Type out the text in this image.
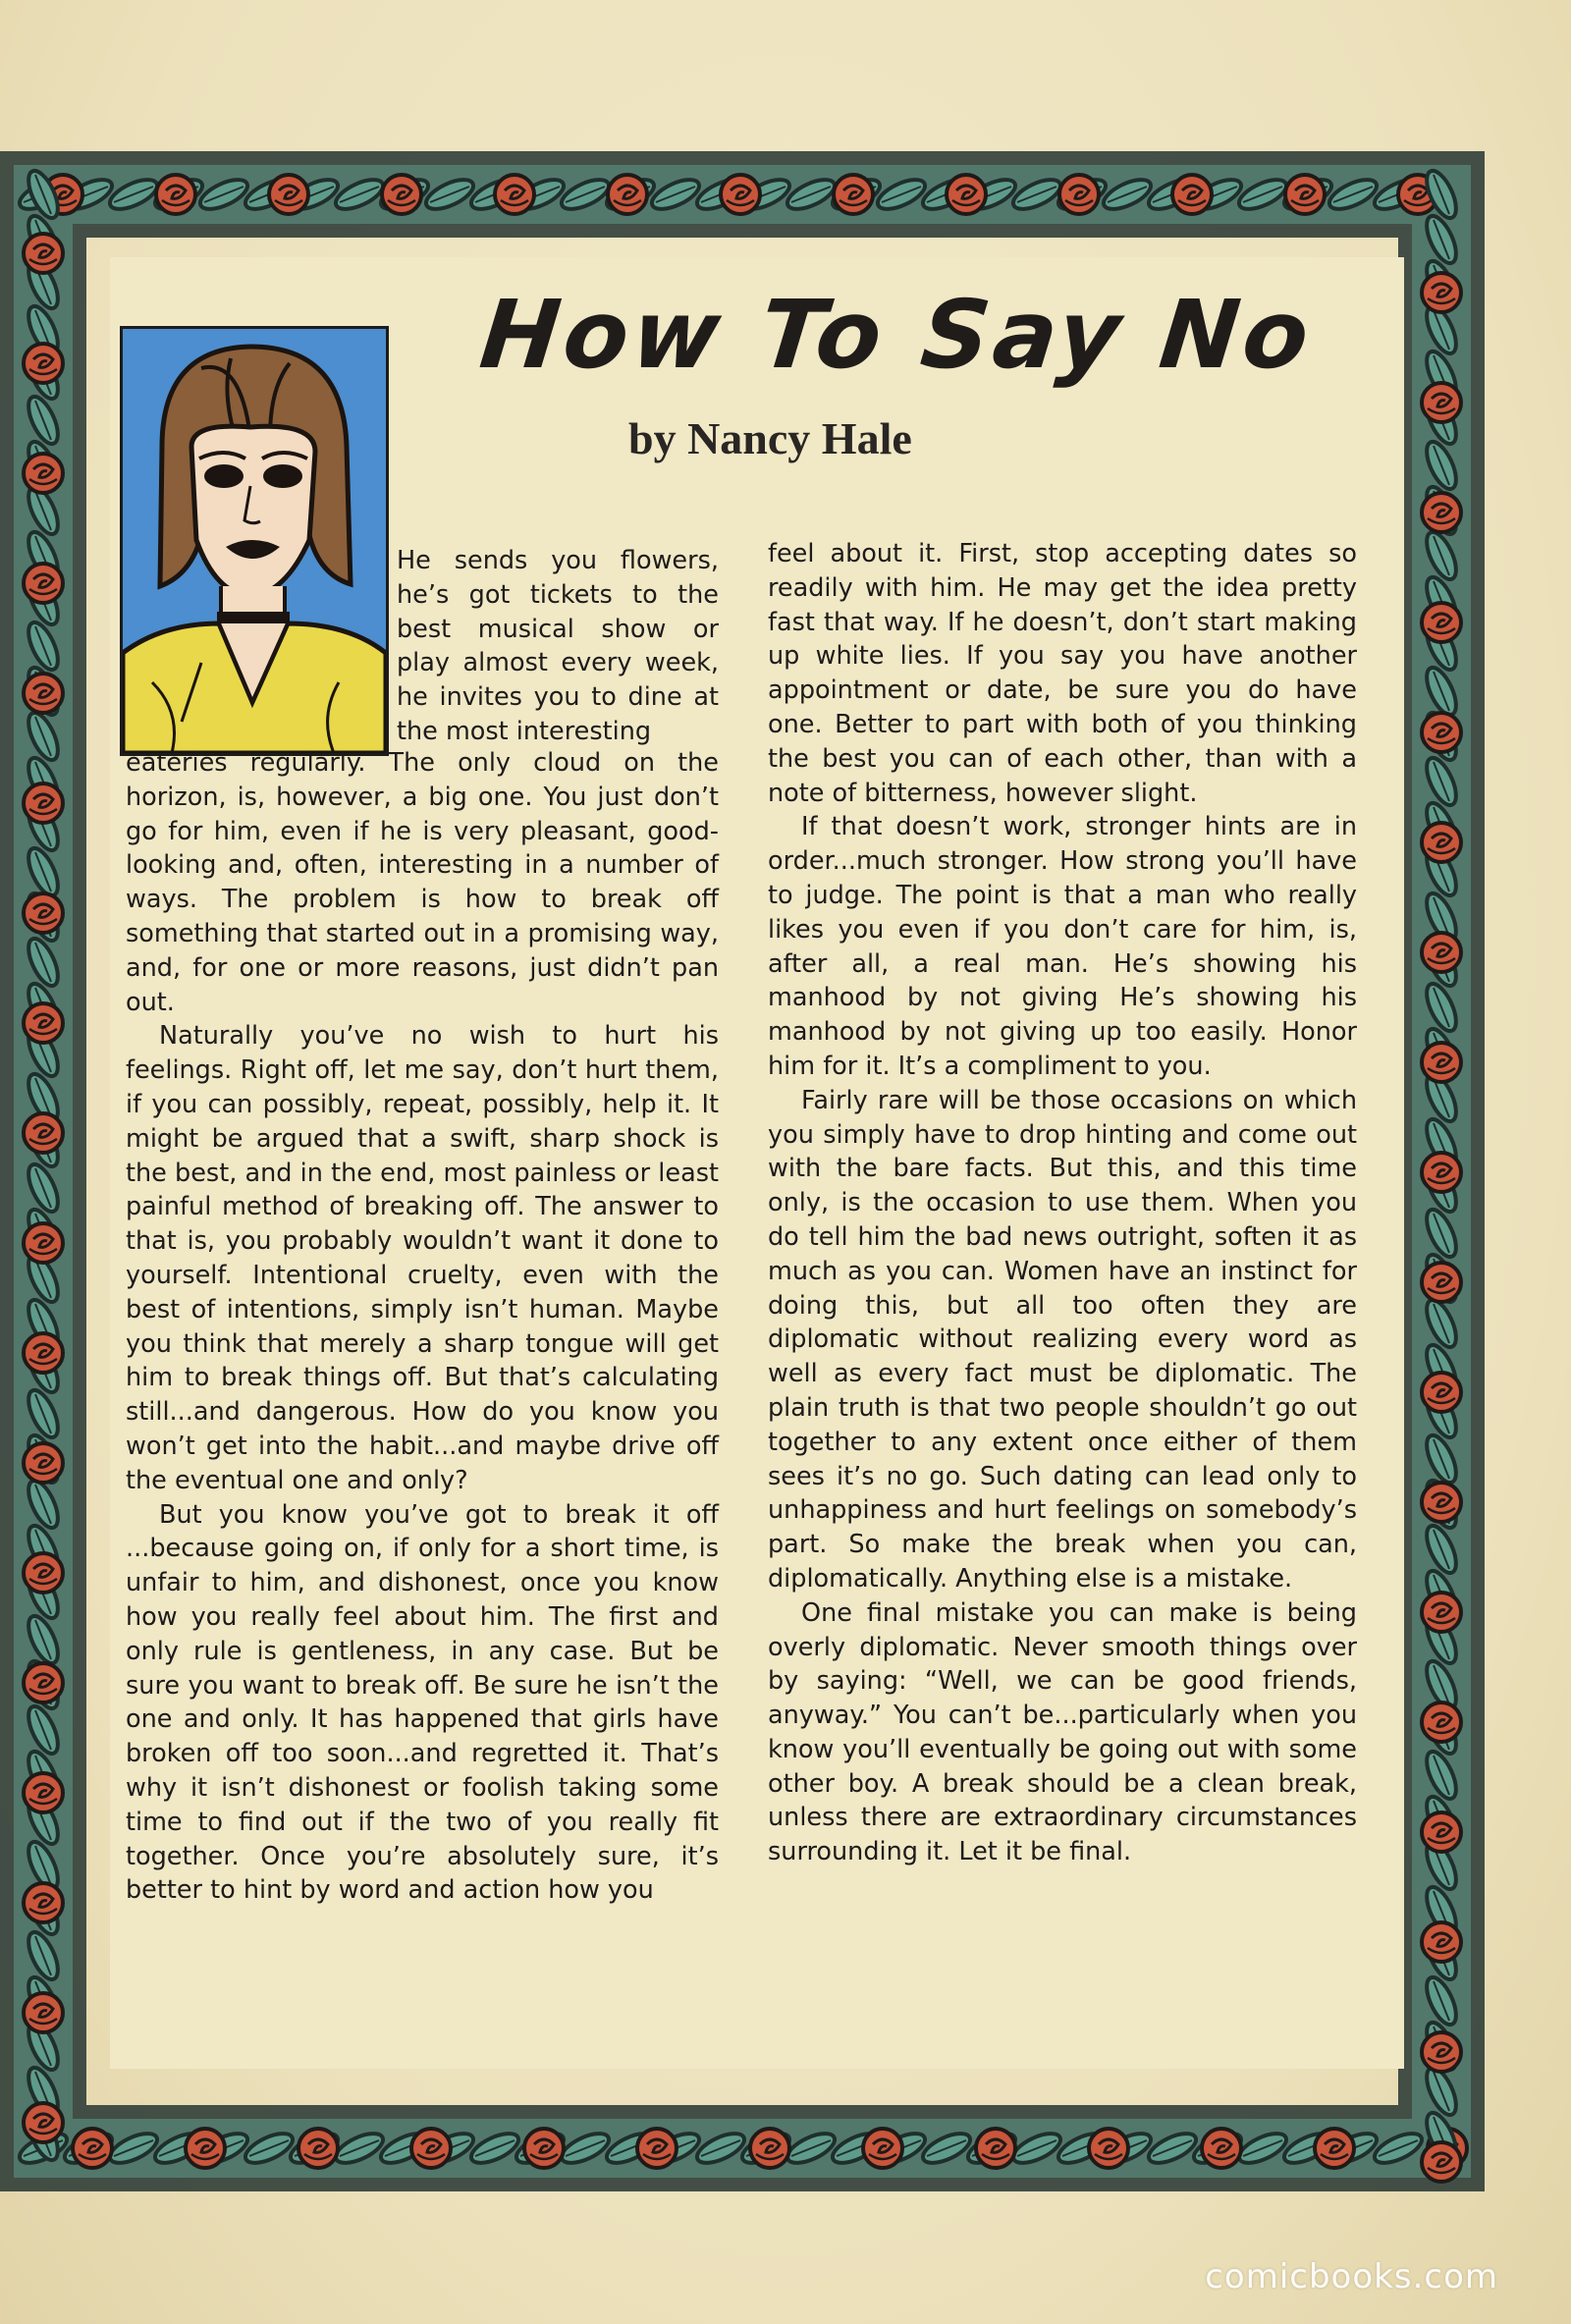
How To Say No
by Nancy Hale

He sends you flowers, he’s got tickets to the best musical show or play almost every week, he invites you to dine at the most interesting

eateries regularly. The only cloud on the horizon, is, however, a big one. You just don’t go for him, even if he is very pleasant, good-looking and, often, interesting in a number of ways. The problem is how to break off something that started out in a promising way, and, for one or more reasons, just didn’t pan out.

Naturally you’ve no wish to hurt his feelings. Right off, let me say, don’t hurt them, if you can possibly, repeat, possibly, help it. It might be argued that a swift, sharp shock is the best, and in the end, most painless or least painful method of breaking off. The answer to that is, you probably wouldn’t want it done to yourself. Intentional cruelty, even with the best of intentions, simply isn’t human. Maybe you think that merely a sharp tongue will get him to break things off. But that’s calculating still...and dangerous. How do you know you won’t get into the habit...and maybe drive off the eventual one and only?

But you know you’ve got to break it off ...because going on, if only for a short time, is unfair to him, and dishonest, once you know how you really feel about him. The first and only rule is gentleness, in any case. But be sure you want to break off. Be sure he isn’t the one and only. It has happened that girls have broken off too soon...and regretted it. That’s why it isn’t dishonest or foolish taking some time to find out if the two of you really fit together. Once you’re absolutely sure, it’s better to hint by word and action how you

feel about it. First, stop accepting dates so readily with him. He may get the idea pretty fast that way. If he doesn’t, don’t start making up white lies. If you say you have another appointment or date, be sure you do have one. Better to part with both of you thinking the best you can of each other, than with a note of bitterness, however slight.

If that doesn’t work, stronger hints are in order...much stronger. How strong you’ll have to judge. The point is that a man who really likes you even if you don’t care for him, is, after all, a real man. He’s showing his manhood by not giving He’s showing his manhood by not giving up too easily. Honor him for it. It’s a compliment to you.

Fairly rare will be those occasions on which you simply have to drop hinting and come out with the bare facts. But this, and this time only, is the occasion to use them. When you do tell him the bad news outright, soften it as much as you can. Women have an instinct for doing this, but all too often they are diplomatic without realizing every word as well as every fact must be diplomatic. The plain truth is that two people shouldn’t go out together to any extent once either of them sees it’s no go. Such dating can lead only to unhappiness and hurt feelings on somebody’s part. So make the break when you can, diplomatically. Anything else is a mistake.

One final mistake you can make is being overly diplomatic. Never smooth things over by saying: “Well, we can be good friends, anyway.” You can’t be...particularly when you know you’ll eventually be going out with some other boy. A break should be a clean break, unless there are extraordinary circumstances surrounding it. Let it be final.

comicbooks.com
